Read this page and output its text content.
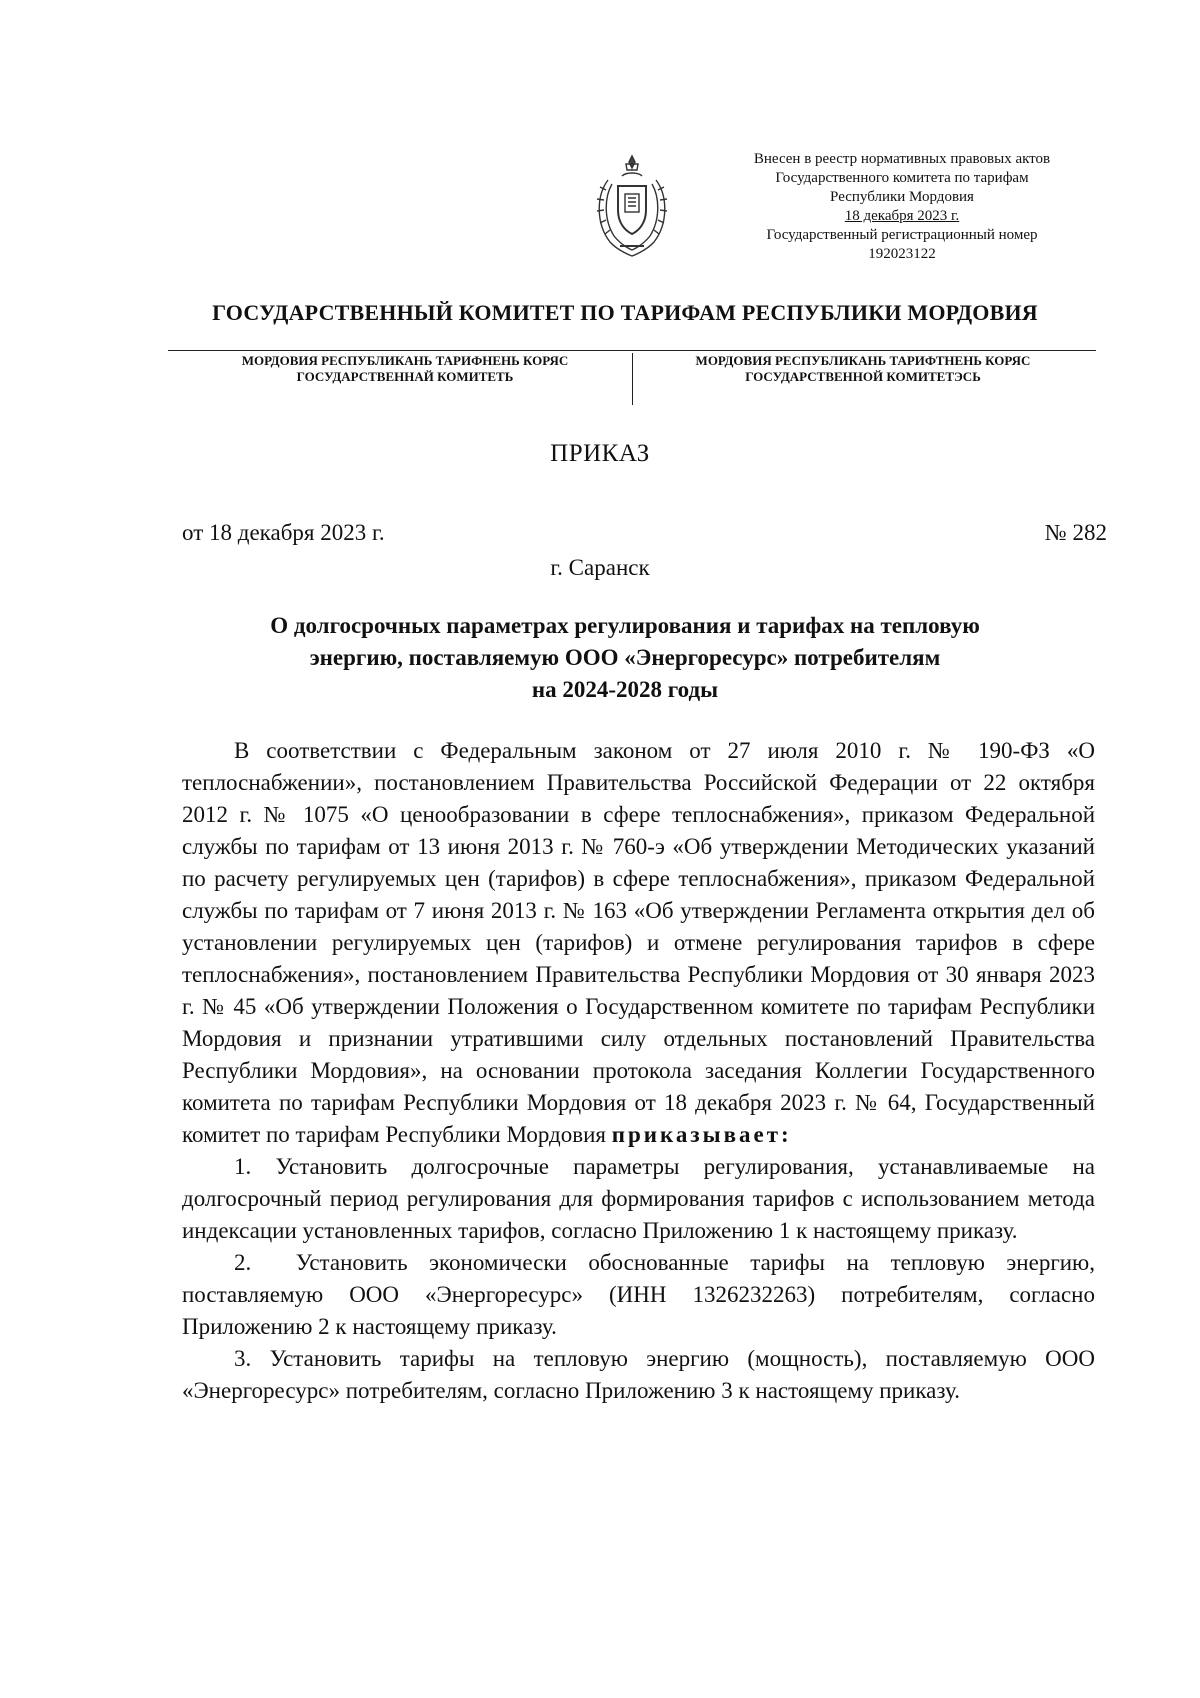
Внесен в реестр нормативных правовых актов
Государственного комитета по тарифам
Республики Мордовия
18 декабря 2023 г.
Государственный регистрационный номер
192023122
ГОСУДАРСТВЕННЫЙ КОМИТЕТ ПО ТАРИФАМ РЕСПУБЛИКИ МОРДОВИЯ
МОРДОВИЯ РЕСПУБЛИКАНЬ ТАРИФНЕНЬ КОРЯС
ГОСУДАРСТВЕННАЙ КОМИТЕТЬ
МОРДОВИЯ РЕСПУБЛИКАНЬ ТАРИФТНЕНЬ КОРЯС
ГОСУДАРСТВЕННОЙ КОМИТЕТЭСЬ
ПРИКАЗ
от 18 декабря 2023 г.	№ 282
г. Саранск
О долгосрочных параметрах регулирования и тарифах на тепловую
энергию, поставляемую ООО «Энергоресурс» потребителям
на 2024-2028 годы

В соответствии с Федеральным законом от 27 июля 2010 г. № 190-ФЗ «О теплоснабжении», постановлением Правительства Российской Федерации от 22 октября 2012 г. № 1075 «О ценообразовании в сфере теплоснабжения», приказом Федеральной службы по тарифам от 13 июня 2013 г. № 760-э «Об утверждении Методических указаний по расчету регулируемых цен (тарифов) в сфере теплоснабжения», приказом Федеральной службы по тарифам от 7 июня 2013 г. № 163 «Об утверждении Регламента открытия дел об установлении регулируемых цен (тарифов) и отмене регулирования тарифов в сфере теплоснабжения», постановлением Правительства Республики Мордовия от 30 января 2023 г. № 45 «Об утверждении Положения о Государственном комитете по тарифам Республики Мордовия и признании утратившими силу отдельных постановлений Правительства Республики Мордовия», на основании протокола заседания Коллегии Государственного комитета по тарифам Республики Мордовия от 18 декабря 2023 г. № 64, Государственный комитет по тарифам Республики Мордовия приказывает:

1. Установить долгосрочные параметры регулирования, устанавливаемые на долгосрочный период регулирования для формирования тарифов с использованием метода индексации установленных тарифов, согласно Приложению 1 к настоящему приказу.

2.  Установить экономически обоснованные тарифы на тепловую энергию, поставляемую ООО «Энергоресурс» (ИНН 1326232263) потребителям, согласно Приложению 2 к настоящему приказу.

3. Установить тарифы на тепловую энергию (мощность), поставляемую ООО «Энергоресурс» потребителям, согласно Приложению 3 к настоящему приказу.
